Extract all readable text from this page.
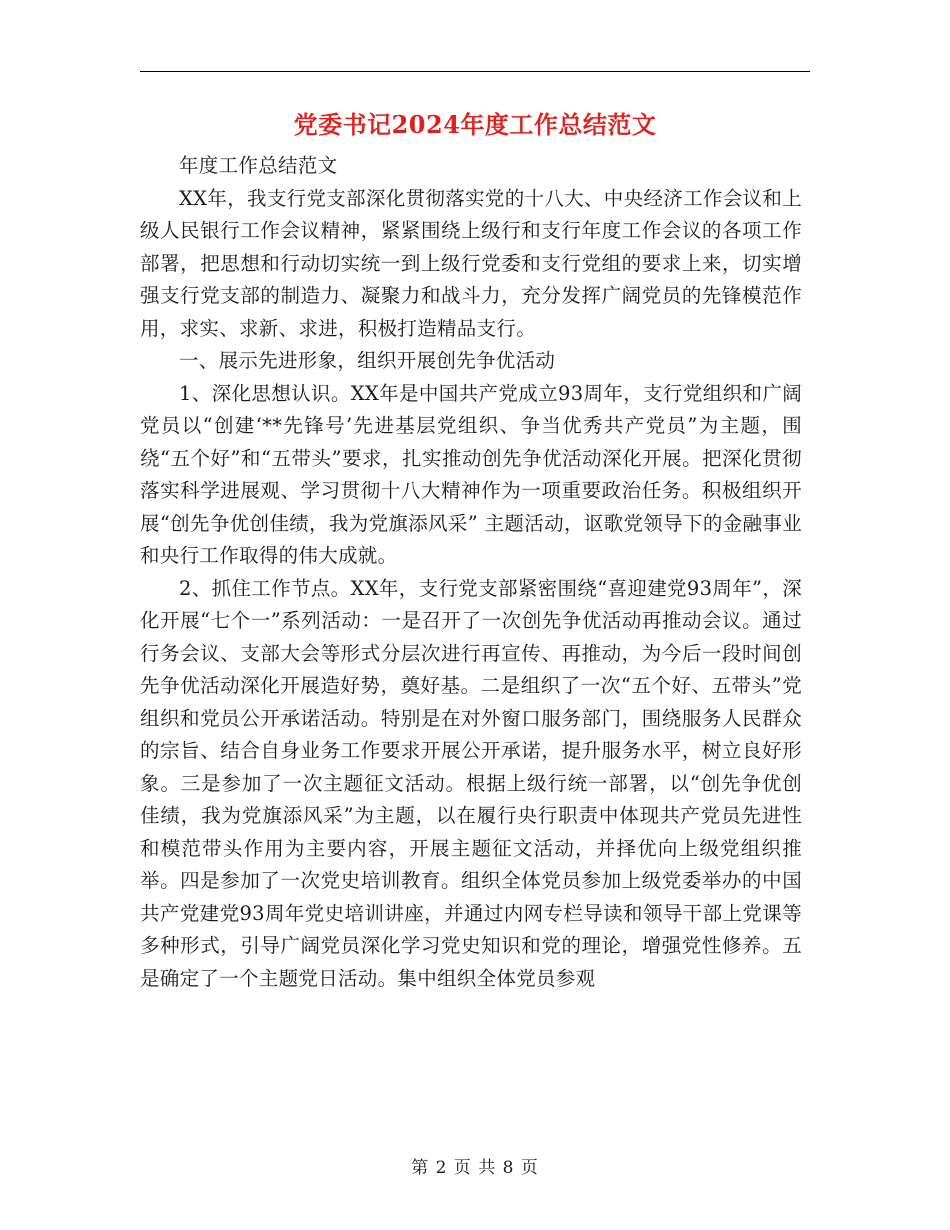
党委书记2024年度工作总结范文

年度工作总结范文

XX年，我支行党支部深化贯彻落实党的十八大、中央经济工作会议和上级人民银行工作会议精神，紧紧围绕上级行和支行年度工作会议的各项工作部署，把思想和行动切实统一到上级行党委和支行党组的要求上来，切实增强支行党支部的制造力、凝聚力和战斗力，充分发挥广阔党员的先锋模范作用，求实、求新、求进，积极打造精品支行。

一、展示先进形象，组织开展创先争优活动

1、深化思想认识。XX年是中国共产党成立93周年，支行党组织和广阔党员以“创建‘**先锋号’先进基层党组织、争当优秀共产党员”为主题，围绕“五个好”和“五带头”要求，扎实推动创先争优活动深化开展。把深化贯彻落实科学进展观、学习贯彻十八大精神作为一项重要政治任务。积极组织开展“创先争优创佳绩，我为党旗添风采” 主题活动，讴歌党领导下的金融事业和央行工作取得的伟大成就。

2、抓住工作节点。XX年，支行党支部紧密围绕“喜迎建党93周年”，深化开展“七个一”系列活动：一是召开了一次创先争优活动再推动会议。通过行务会议、支部大会等形式分层次进行再宣传、再推动，为今后一段时间创先争优活动深化开展造好势，奠好基。二是组织了一次“五个好、五带头”党组织和党员公开承诺活动。特别是在对外窗口服务部门，围绕服务人民群众的宗旨、结合自身业务工作要求开展公开承诺，提升服务水平，树立良好形象。三是参加了一次主题征文活动。根据上级行统一部署，以“创先争优创佳绩，我为党旗添风采”为主题，以在履行央行职责中体现共产党员先进性和模范带头作用为主要内容，开展主题征文活动，并择优向上级党组织推举。四是参加了一次党史培训教育。组织全体党员参加上级党委举办的中国共产党建党93周年党史培训讲座，并通过内网专栏导读和领导干部上党课等多种形式，引导广阔党员深化学习党史知识和党的理论，增强党性修养。五是确定了一个主题党日活动。集中组织全体党员参观

第 2 页 共 8 页
